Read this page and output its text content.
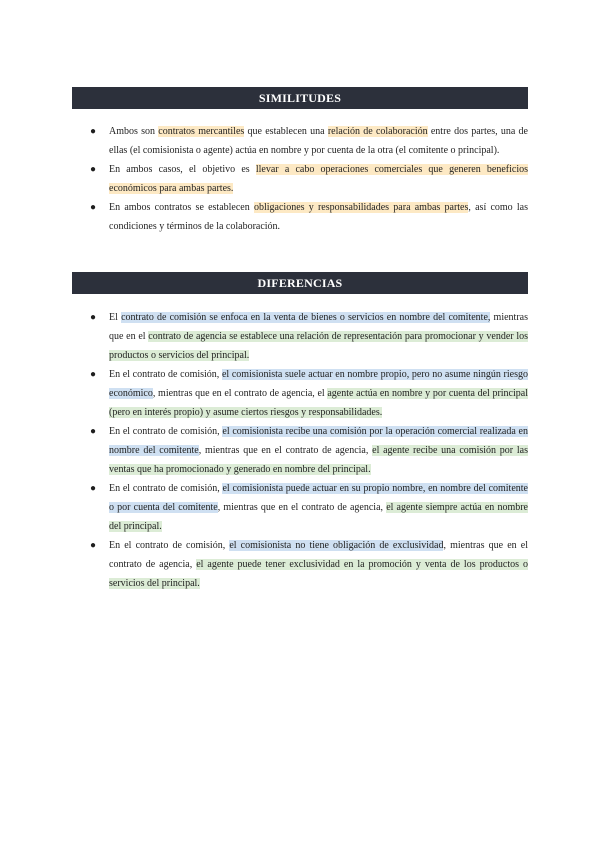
SIMILITUDES
● Ambos son contratos mercantiles que establecen una relación de colaboración entre dos partes, una de ellas (el comisionista o agente) actúa en nombre y por cuenta de la otra (el comitente o principal).
● En ambos casos, el objetivo es llevar a cabo operaciones comerciales que generen beneficios económicos para ambas partes.
● En ambos contratos se establecen obligaciones y responsabilidades para ambas partes, así como las condiciones y términos de la colaboración.
DIFERENCIAS
● El contrato de comisión se enfoca en la venta de bienes o servicios en nombre del comitente, mientras que en el contrato de agencia se establece una relación de representación para promocionar y vender los productos o servicios del principal.
● En el contrato de comisión, el comisionista suele actuar en nombre propio, pero no asume ningún riesgo económico, mientras que en el contrato de agencia, el agente actúa en nombre y por cuenta del principal (pero en interés propio) y asume ciertos riesgos y responsabilidades.
● En el contrato de comisión, el comisionista recibe una comisión por la operación comercial realizada en nombre del comitente, mientras que en el contrato de agencia, el agente recibe una comisión por las ventas que ha promocionado y generado en nombre del principal.
● En el contrato de comisión, el comisionista puede actuar en su propio nombre, en nombre del comitente o por cuenta del comitente, mientras que en el contrato de agencia, el agente siempre actúa en nombre del principal.
● En el contrato de comisión, el comisionista no tiene obligación de exclusividad, mientras que en el contrato de agencia, el agente puede tener exclusividad en la promoción y venta de los productos o servicios del principal.
